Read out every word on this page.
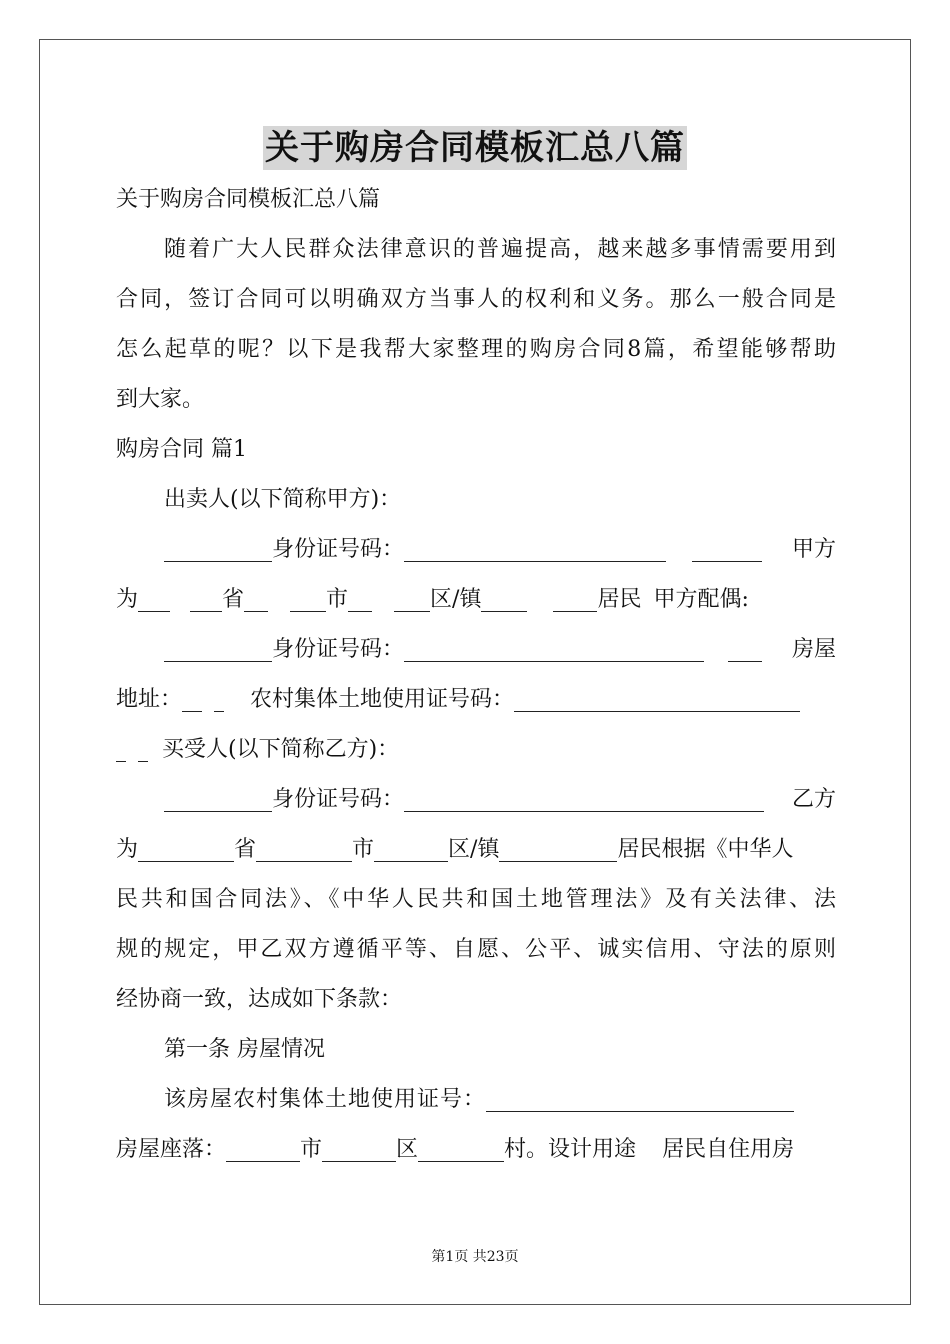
关于购房合同模板汇总八篇
关于购房合同模板汇总八篇
随着广大人民群众法律意识的普遍提高，越来越多事情需要用到
合同，签订合同可以明确双方当事人的权利和义务。那么一般合同是
怎么起草的呢？以下是我帮大家整理的购房合同8篇，希望能够帮助
到大家。
购房合同 篇1
出卖人(以下简称甲方)：
身份证号码：	甲方
为	省	市	区/镇	居民 甲方配偶:
身份证号码：	房屋
地址：	农村集体土地使用证号码：
买受人(以下简称乙方)：
身份证号码：	乙方
为	省	市	区/镇	居民根据《中华人
民共和国合同法》、《中华人民共和国土地管理法》及有关法律、法
规的规定，甲乙双方遵循平等、自愿、公平、诚实信用、守法的原则
经协商一致，达成如下条款：
第一条 房屋情况
该房屋农村集体土地使用证号：
房屋座落：	市	区	村。设计用途 居民自住用房
第1页 共23页
